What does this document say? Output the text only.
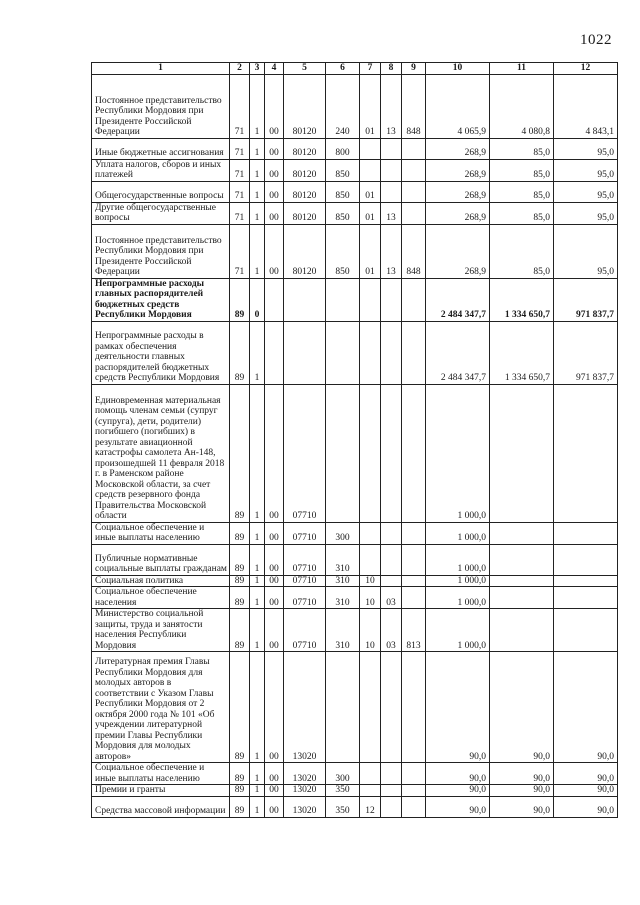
1022
1	2	3	4	5	6	7	8	9	10	11	12
Постоянное представительство Республики Мордовия при Президенте Российской Федерации	71	1	00	80120	240	01	13	848	4 065,9	4 080,8	4 843,1
Иные бюджетные ассигнования	71	1	00	80120	800				268,9	85,0	95,0
Уплата налогов, сборов и иных платежей	71	1	00	80120	850				268,9	85,0	95,0
Общегосударственные вопросы	71	1	00	80120	850	01			268,9	85,0	95,0
Другие общегосударственные вопросы	71	1	00	80120	850	01	13		268,9	85,0	95,0
Постоянное представительство Республики Мордовия при Президенте Российской Федерации	71	1	00	80120	850	01	13	848	268,9	85,0	95,0
Непрограммные расходы главных распорядителей бюджетных средств Республики Мордовия	89	0							2 484 347,7	1 334 650,7	971 837,7
Непрограммные расходы в рамках обеспечения деятельности главных распорядителей бюджетных средств Республики Мордовия	89	1							2 484 347,7	1 334 650,7	971 837,7
Единовременная материальная помощь членам семьи (супруг (супруга), дети, родители) погибшего (погибших) в результате авиационной катастрофы самолета Ан-148, произошедшей 11 февраля 2018 г. в Раменском районе Московской области, за счет средств резервного фонда Правительства Московской области	89	1	00	07710					1 000,0		
Социальное обеспечение и иные выплаты населению	89	1	00	07710	300				1 000,0		
Публичные нормативные социальные выплаты гражданам	89	1	00	07710	310				1 000,0		
Социальная политика	89	1	00	07710	310	10			1 000,0		
Социальное обеспечение населения	89	1	00	07710	310	10	03		1 000,0		
Министерство социальной защиты, труда и занятости населения Республики Мордовия	89	1	00	07710	310	10	03	813	1 000,0		
Литературная премия Главы Республики Мордовия для молодых авторов в соответствии с Указом Главы Республики Мордовия от 2 октября 2000 года № 101 «Об учреждении литературной премии Главы Республики Мордовия для молодых авторов»	89	1	00	13020					90,0	90,0	90,0
Социальное обеспечение и иные выплаты населению	89	1	00	13020	300				90,0	90,0	90,0
Премии и гранты	89	1	00	13020	350				90,0	90,0	90,0
Средства массовой информации	89	1	00	13020	350	12			90,0	90,0	90,0
